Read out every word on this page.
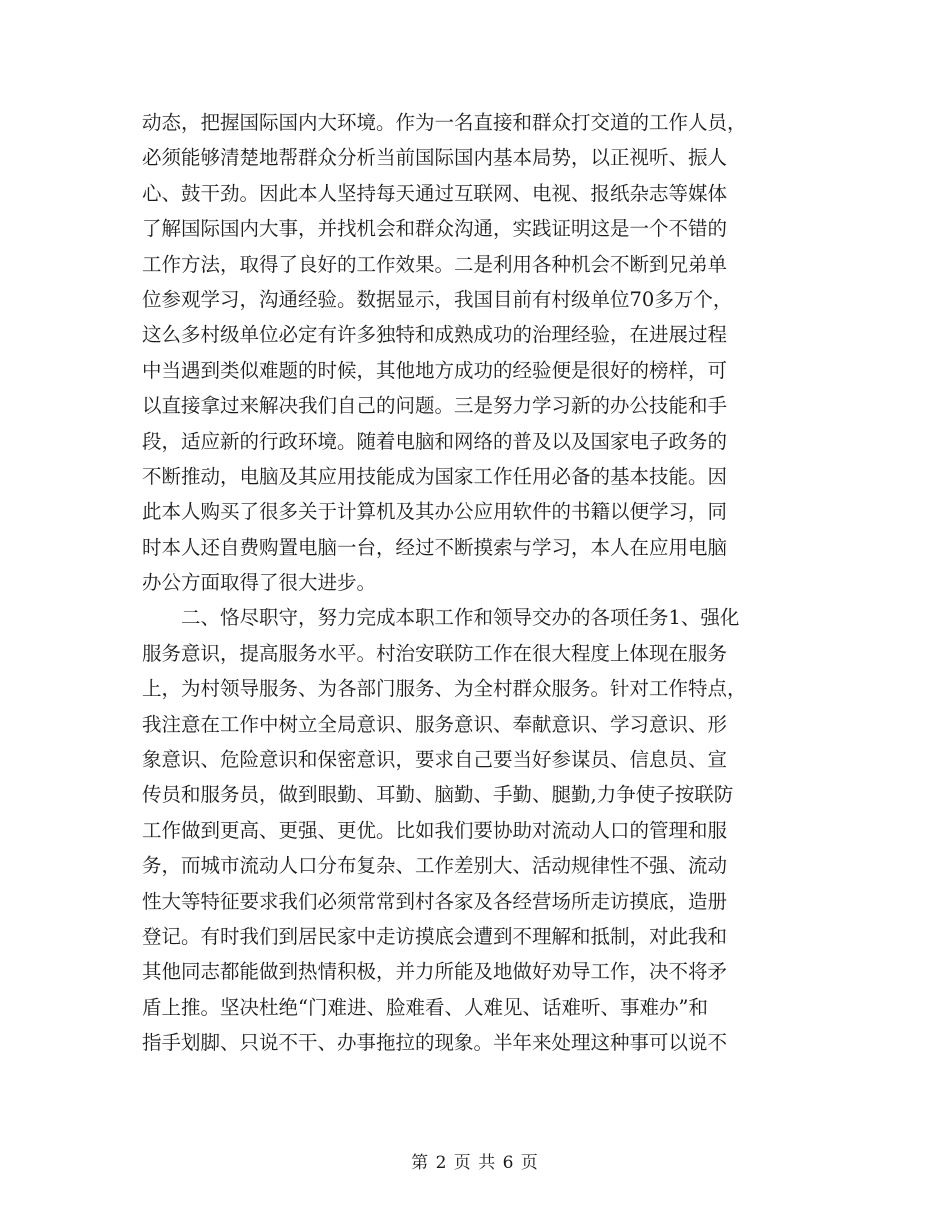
动态，把握国际国内大环境。作为一名直接和群众打交道的工作人员，
必须能够清楚地帮群众分析当前国际国内基本局势，以正视听、振人
心、鼓干劲。因此本人坚持每天通过互联网、电视、报纸杂志等媒体
了解国际国内大事，并找机会和群众沟通，实践证明这是一个不错的
工作方法，取得了良好的工作效果。二是利用各种机会不断到兄弟单
位参观学习，沟通经验。数据显示，我国目前有村级单位70多万个，
这么多村级单位必定有许多独特和成熟成功的治理经验，在进展过程
中当遇到类似难题的时候，其他地方成功的经验便是很好的榜样，可
以直接拿过来解决我们自己的问题。三是努力学习新的办公技能和手
段，适应新的行政环境。随着电脑和网络的普及以及国家电子政务的
不断推动，电脑及其应用技能成为国家工作任用必备的基本技能。因
此本人购买了很多关于计算机及其办公应用软件的书籍以便学习，同
时本人还自费购置电脑一台，经过不断摸索与学习，本人在应用电脑
办公方面取得了很大进步。
　　二、恪尽职守，努力完成本职工作和领导交办的各项任务1、强化
服务意识，提高服务水平。村治安联防工作在很大程度上体现在服务
上，为村领导服务、为各部门服务、为全村群众服务。针对工作特点，
我注意在工作中树立全局意识、服务意识、奉献意识、学习意识、形
象意识、危险意识和保密意识，要求自己要当好参谋员、信息员、宣
传员和服务员，做到眼勤、耳勤、脑勤、手勤、腿勤,力争使子按联防
工作做到更高、更强、更优。比如我们要协助对流动人口的管理和服
务，而城市流动人口分布复杂、工作差别大、活动规律性不强、流动
性大等特征要求我们必须常常到村各家及各经营场所走访摸底，造册
登记。有时我们到居民家中走访摸底会遭到不理解和抵制，对此我和
其他同志都能做到热情积极，并力所能及地做好劝导工作，决不将矛
盾上推。坚决杜绝“门难进、脸难看、人难见、话难听、事难办”和
指手划脚、只说不干、办事拖拉的现象。半年来处理这种事可以说不
第 2 页 共 6 页
